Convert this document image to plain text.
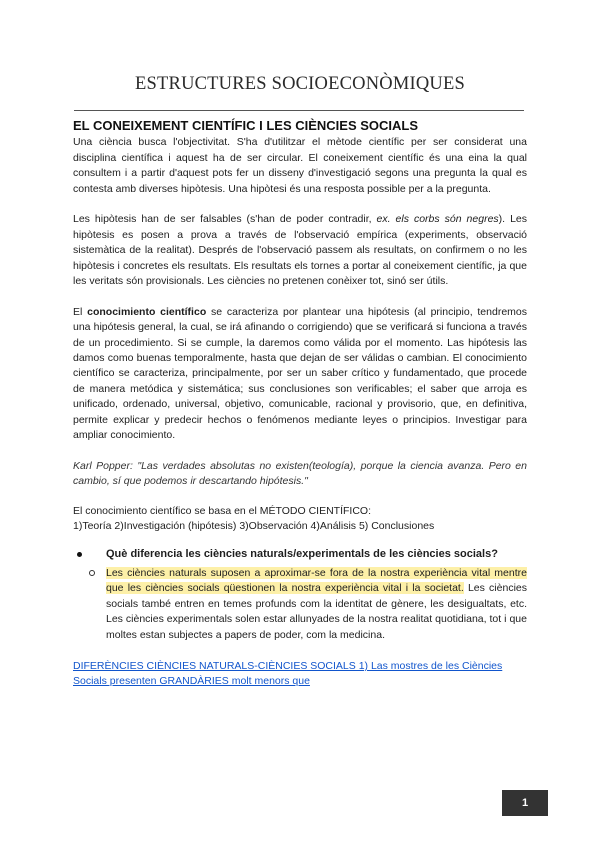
ESTRUCTURES SOCIOECONÒMIQUES
EL CONEIXEMENT CIENTÍFIC I LES CIÈNCIES SOCIALS

Una ciència busca l'objectivitat. S'ha d'utilitzar el mètode científic per ser considerat una disciplina científica i aquest ha de ser circular. El coneixement científic és una eina la qual consultem i a partir d'aquest pots fer un disseny d'investigació segons una pregunta la qual es contesta amb diverses hipòtesis. Una hipòtesi és una resposta possible per a la pregunta.

Les hipòtesis han de ser falsables (s'han de poder contradir, ex. els corbs són negres). Les hipòtesis es posen a prova a través de l'observació empírica (experiments, observació sistemàtica de la realitat). Després de l'observació passem als resultats, on confirmem o no les hipòtesis i concretes els resultats. Els resultats els tornes a portar al coneixement científic, ja que les veritats són provisionals. Les ciències no pretenen conèixer tot, sinó ser útils.

El conocimiento científico se caracteriza por plantear una hipótesis (al principio, tendremos una hipótesis general, la cual, se irá afinando o corrigiendo) que se verificará si funciona a través de un procedimiento. Si se cumple, la daremos como válida por el momento. Las hipótesis las damos como buenas temporalmente, hasta que dejan de ser válidas o cambian. El conocimiento científico se caracteriza, principalmente, por ser un saber crítico y fundamentado, que procede de manera metódica y sistemática; sus conclusiones son verificables; el saber que arroja es unificado, ordenado, universal, objetivo, comunicable, racional y provisorio, que, en definitiva, permite explicar y predecir hechos o fenómenos mediante leyes o principios. Investigar para ampliar conocimiento.

Karl Popper: "Las verdades absolutas no existen(teología), porque la ciencia avanza. Pero en cambio, sí que podemos ir descartando hipótesis."

El conocimiento científico se basa en el MÉTODO CIENTÍFICO:

1)Teoría 2)Investigación (hipótesis) 3)Observación 4)Análisis 5) Conclusiones

Què diferencia les ciències naturals/experimentals de les ciències socials?
Les ciències naturals suposen a aproximar-se fora de la nostra experiència vital mentre que les ciències socials qüestionen la nostra experiència vital i la societat. Les ciències socials també entren en temes profunds com la identitat de gènere, les desigualtats, etc. Les ciències experimentals solen estar allunyades de la nostra realitat quotidiana, tot i que moltes estan subjectes a papers de poder, com la medicina.
DIFERÈNCIES CIÈNCIES NATURALS-CIÈNCIES SOCIALS 1) Las mostres de les Ciències Socials presenten GRANDÀRIES molt menors que
1
